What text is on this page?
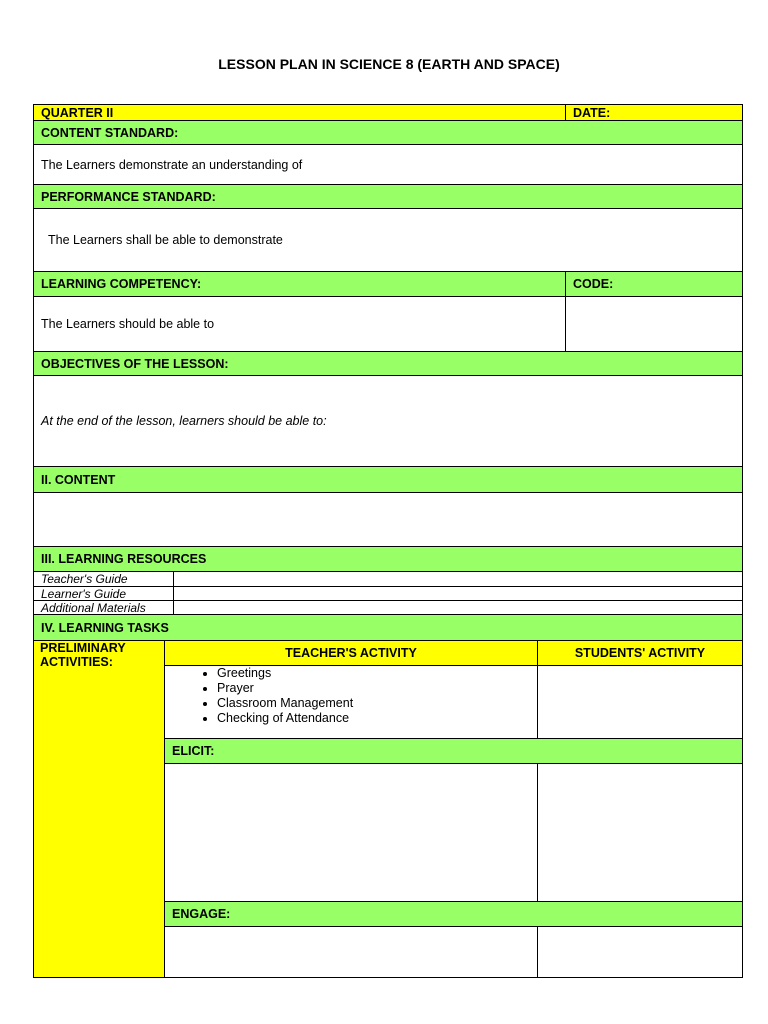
LESSON PLAN IN SCIENCE 8 (EARTH AND SPACE)
QUARTER II	DATE:
CONTENT STANDARD:
The Learners demonstrate an understanding of
PERFORMANCE STANDARD:
The Learners shall be able to demonstrate
LEARNING COMPETENCY:	CODE:
The Learners should be able to
OBJECTIVES OF THE LESSON:
At the end of the lesson, learners should be able to:
II. CONTENT
III. LEARNING RESOURCES
Teacher's Guide
Learner's Guide
Additional Materials
IV. LEARNING TASKS
PRELIMINARY ACTIVITIES:
TEACHER'S ACTIVITY	STUDENTS' ACTIVITY
• Greetings
• Prayer
• Classroom Management
• Checking of Attendance
ELICIT:
ENGAGE:
